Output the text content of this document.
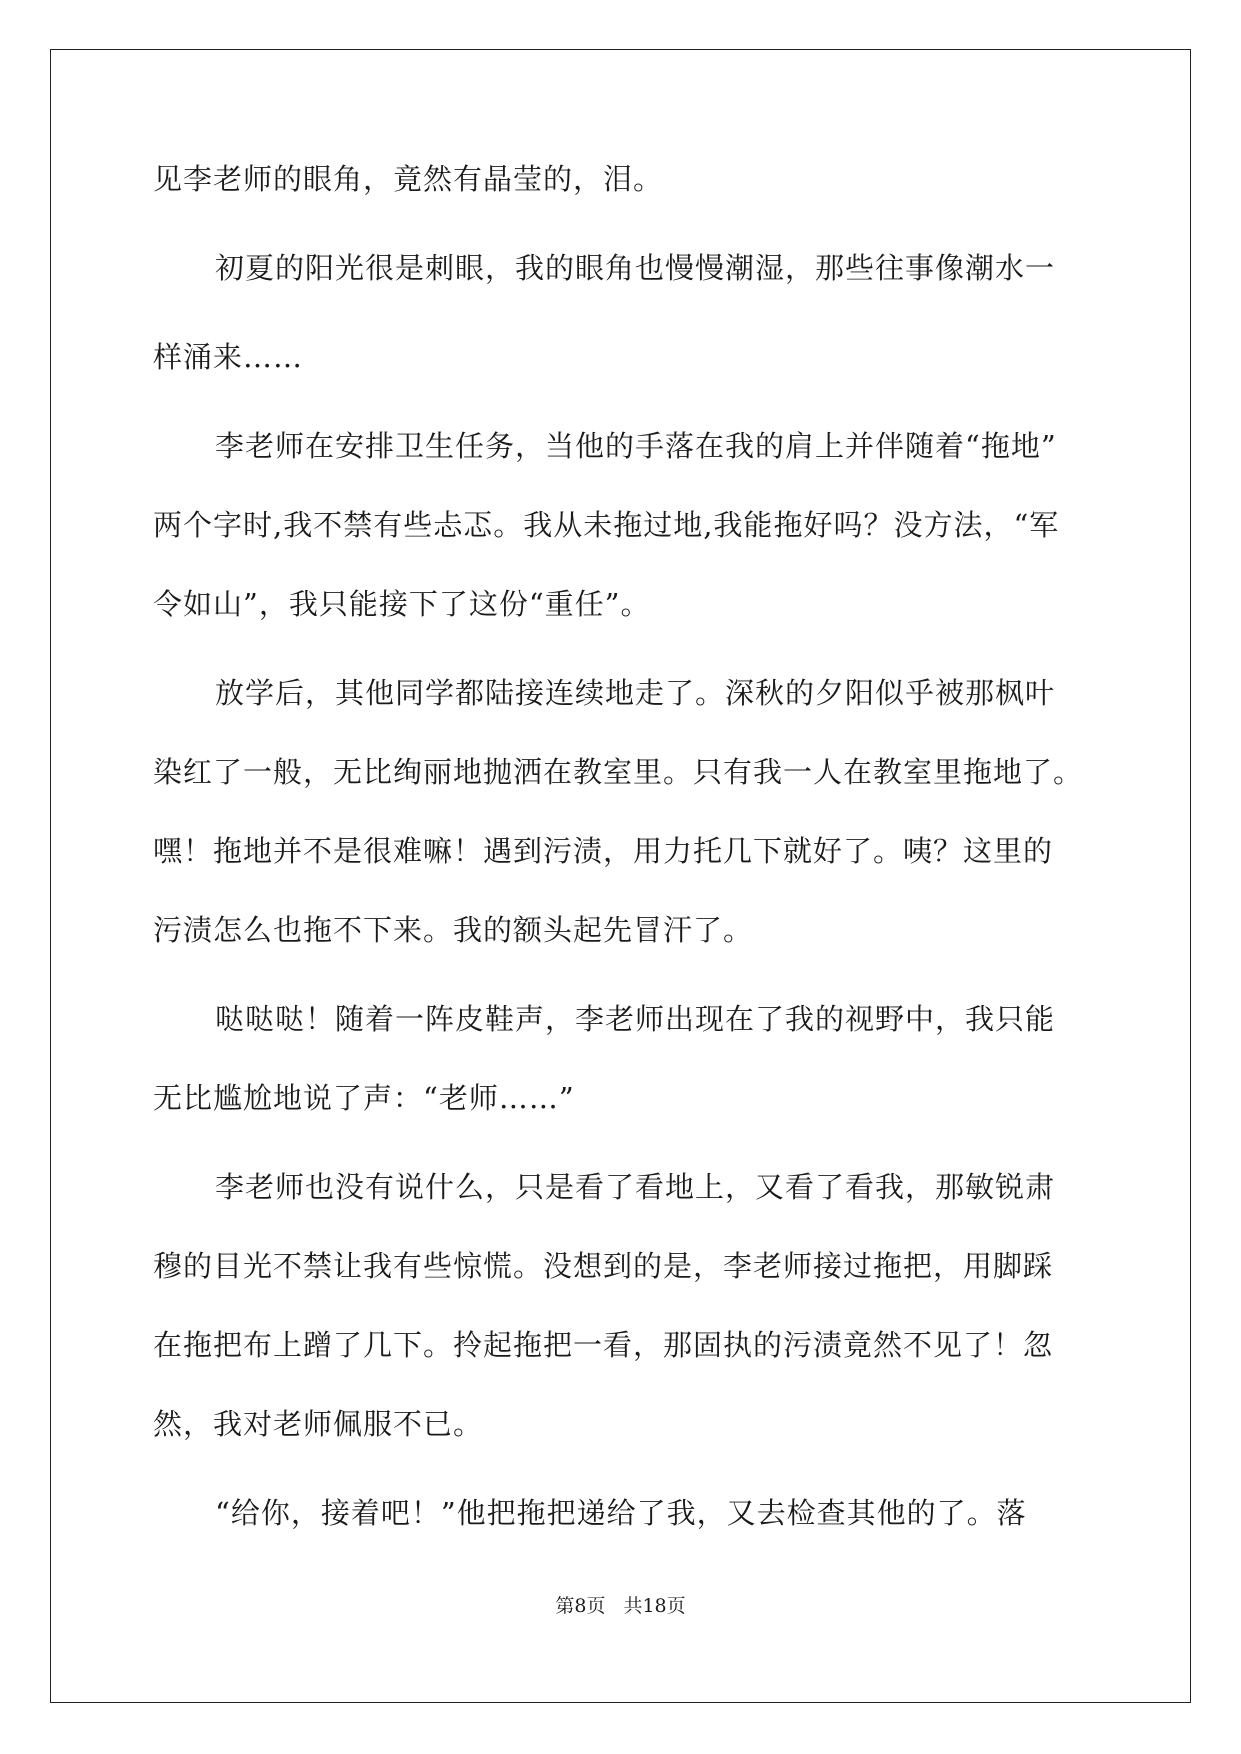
见李老师的眼角，竟然有晶莹的，泪。
初夏的阳光很是刺眼，我的眼角也慢慢潮湿，那些往事像潮水一
样涌来……
李老师在安排卫生任务，当他的手落在我的肩上并伴随着“拖地”
两个字时,我不禁有些忐忑。我从未拖过地,我能拖好吗？没方法，“军
令如山”，我只能接下了这份“重任”。
放学后，其他同学都陆接连续地走了。深秋的夕阳似乎被那枫叶
染红了一般，无比绚丽地抛洒在教室里。只有我一人在教室里拖地了。
嘿！拖地并不是很难嘛！遇到污渍，用力托几下就好了。咦？这里的
污渍怎么也拖不下来。我的额头起先冒汗了。
哒哒哒！随着一阵皮鞋声，李老师出现在了我的视野中，我只能
无比尴尬地说了声：“老师……”
李老师也没有说什么，只是看了看地上，又看了看我，那敏锐肃
穆的目光不禁让我有些惊慌。没想到的是，李老师接过拖把，用脚踩
在拖把布上蹭了几下。拎起拖把一看，那固执的污渍竟然不见了！忽
然，我对老师佩服不已。
“给你，接着吧！”他把拖把递给了我，又去检查其他的了。落
第8页 共18页
